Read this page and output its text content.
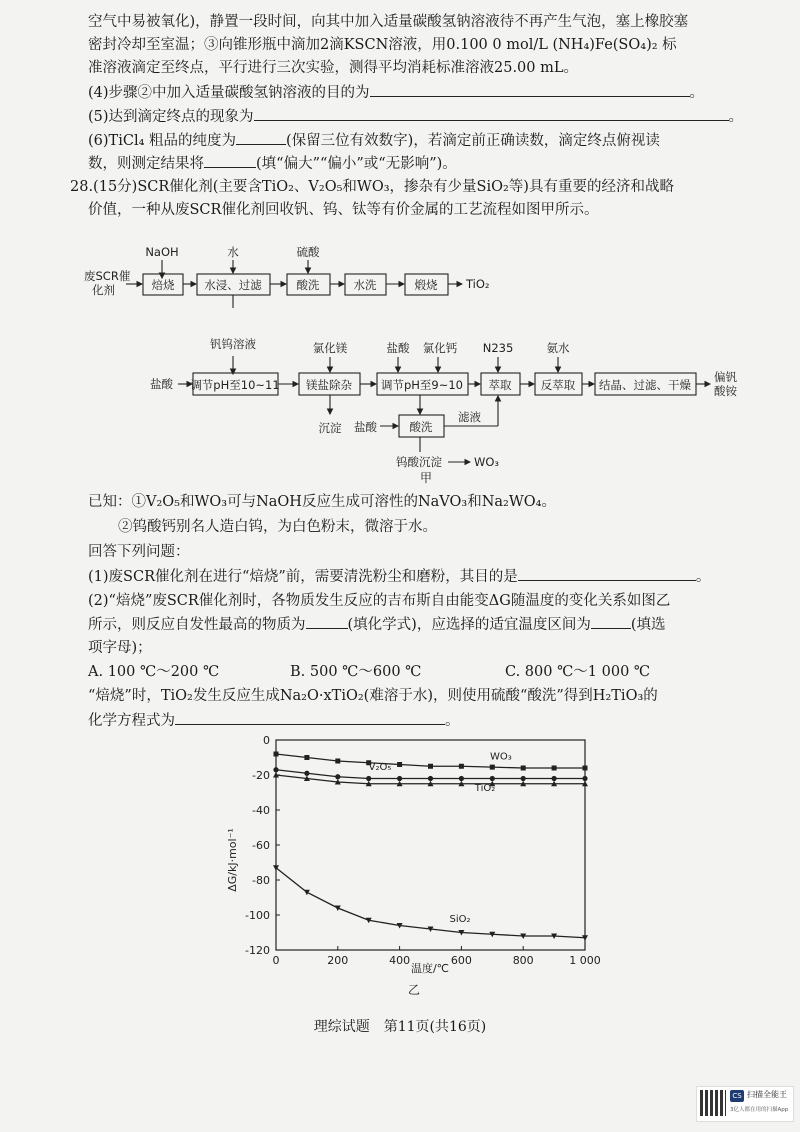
空气中易被氧化)，静置一段时间，向其中加入适量碳酸氢钠溶液待不再产生气泡，塞上橡胶塞
密封冷却至室温；③向锥形瓶中滴加2滴KSCN溶液，用0.100 0 mol/L (NH₄)Fe(SO₄)₂ 标
准溶液滴定至终点，平行进行三次实验，测得平均消耗标准溶液25.00 mL。
(4)步骤②中加入适量碳酸氢钠溶液的目的为	。
(5)达到滴定终点的现象为	。
(6)TiCl₄ 粗品的纯度为	(保留三位有效数字)，若滴定前正确读数，滴定终点俯视读
数，则测定结果将	(填“偏大”“偏小”或“无影响”)。
28.(15分)SCR催化剂(主要含TiO₂、V₂O₅和WO₃，掺杂有少量SiO₂等)具有重要的经济和战略
价值，一种从废SCR催化剂回收钒、钨、钛等有价金属的工艺流程如图甲所示。
废SCR催
化剂	焙烧	水浸、过滤	酸洗	水洗	煅烧
NaOH	水	硫酸
TiO₂
钒钨溶液
盐酸 调节pH至10~11 镁盐除杂	调节pH至9~10 萃取	反萃取 结晶、过滤、干燥
氯化镁	盐酸 氯化钙 N235	氨水
偏钒
酸铵
沉淀 盐酸	酸洗
滤液
钨酸沉淀	WO₃
甲
已知：①V₂O₅和WO₃可与NaOH反应生成可溶性的NaVO₃和Na₂WO₄。
②钨酸钙别名人造白钨，为白色粉末，微溶于水。
回答下列问题：
(1)废SCR催化剂在进行“焙烧”前，需要清洗粉尘和磨粉，其目的是	。
(2)“焙烧”废SCR催化剂时，各物质发生反应的吉布斯自由能变ΔG随温度的变化关系如图乙
所示，则反应自发性最高的物质为	(填化学式)，应选择的适宜温度区间为	(填选
项字母)；
A. 100 ℃～200 ℃	B. 500 ℃～600 ℃	C. 800 ℃～1 000 ℃
“焙烧”时，TiO₂发生反应生成Na₂O·xTiO₂(难溶于水)，则使用硫酸“酸洗”得到H₂TiO₃的
化学方程式为	。
0	200	400	600	800	1 000
0
-20
-40
-60
-80
-100
-120
WO₃
V₂O₅
TiO₂
SiO₂
ΔG/kJ·mol⁻¹
温度/℃
乙
理综试题　第11页(共16页)
CS 扫描全能王
3亿人都在用的扫描App
